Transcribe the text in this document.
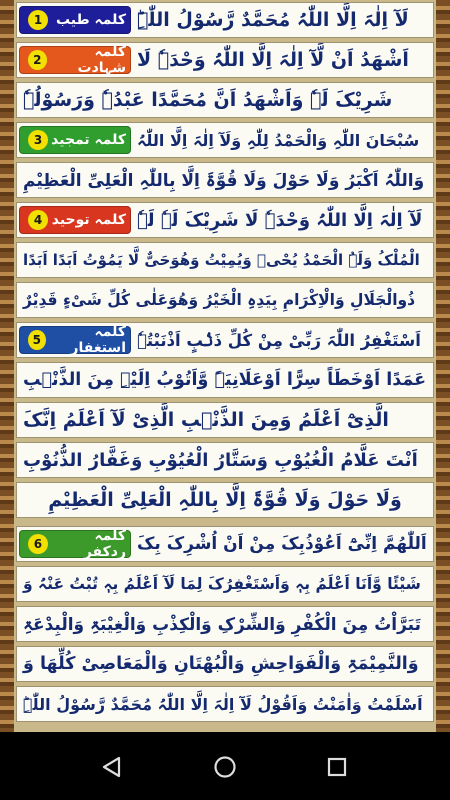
کلمہ طیب
1	لَآ اِلٰہَ اِلَّا اللّٰہُ مُحَمَّدٌ رَّسُوْلُ اللّٰہِؕ
کلمہ شہادت
2	اَشْھَدُ اَنْ لَّآ اِلٰہَ اِلَّا اللّٰہُ وَحْدَہٗ لَا
شَرِیْکَ لَہٗ وَاَشْھَدُ اَنَّ مُحَمَّدًا عَبْدُہٗ وَرَسُوْلُہٗ
کلمہ تمجید
3	سُبْحَانَ اللّٰہِ وَالْحَمْدُ لِلّٰہِ وَلَآ اِلٰہَ اِلَّا اللّٰہُ
وَاللّٰہُ اَکْبَرُ وَلَا حَوْلَ وَلَا قُوَّۃَ اِلَّا بِاللّٰہِ الْعَلِیِّ الْعَظِیْمِ
کلمہ توحید
4	لَآ اِلٰہَ اِلَّا اللّٰہُ وَحْدَہٗ لَا شَرِیْکَ لَہٗ لَہٗ
الْمُلْکُ وَلَہُ الْحَمْدُ یُحْیٖ وَیُمِیْتُ وَھُوَحَیٌّ لَّا یَمُوْتُ اَبَدًا اَبَدًا
ذُوالْجَلَالِ وَالْاِکْرَامِ بِیَدِہِ الْخَیْرُ وَھُوَعَلٰی کُلِّ شَیْءٍ قَدِیْرٌ
کلمہ استغفار
5	اَسْتَغْفِرُ اللّٰہَ رَبِّیْ مِنْ کُلِّ ذَنْۢبٍ اَذْنَبْتُہٗ
عَمَدًا اَوْخَطَاً سِرًّا اَوْعَلَانِیَۃً وَّاَتُوْبُ اِلَیْہِ مِنَ الذَّنْۢبِ
الَّذِیْٓ اَعْلَمُ وَمِنَ الذَّنْۢبِ الَّذِیْ لَآ اَعْلَمُ اِنَّکَ
اَنْتَ عَلَّامُ الْغُیُوْبِ وَسَتَّارُ الْعُیُوْبِ وَغَفَّارُ الذُّنُوْبِ
وَلَا حَوْلَ وَلَا قُوَّۃَ اِلَّا بِاللّٰہِ الْعَلِیِّ الْعَظِیْمِ
کلمہ ردکفر
6	اَللّٰھُمَّ اِنِّیْٓ اَعُوْذُبِکَ مِنْ اَنْ اُشْرِکَ بِکَ
شَیْئًا وَّاَنَا اَعْلَمُ بِہٖ وَاَسْتَغْفِرُکَ لِمَا لَآ اَعْلَمُ بِہٖ تُبْتُ عَنْہُ وَ
تَبَرَّاْتُ مِنَ الْکُفْرِ وَالشِّرْکِ وَالْکِذْبِ وَالْغِیْبَۃِ وَالْبِدْعَۃِ
وَالنَّمِیْمَۃِ وَالْفَوَاحِشِ وَالْبُھْتَانِ وَالْمَعَاصِیْ کُلِّھَا وَ
اَسْلَمْتُ وَاٰمَنْتُ وَاَقُوْلُ لَآ اِلٰہَ اِلَّا اللّٰہُ مُحَمَّدٌ رَّسُوْلُ اللّٰہِؕ
